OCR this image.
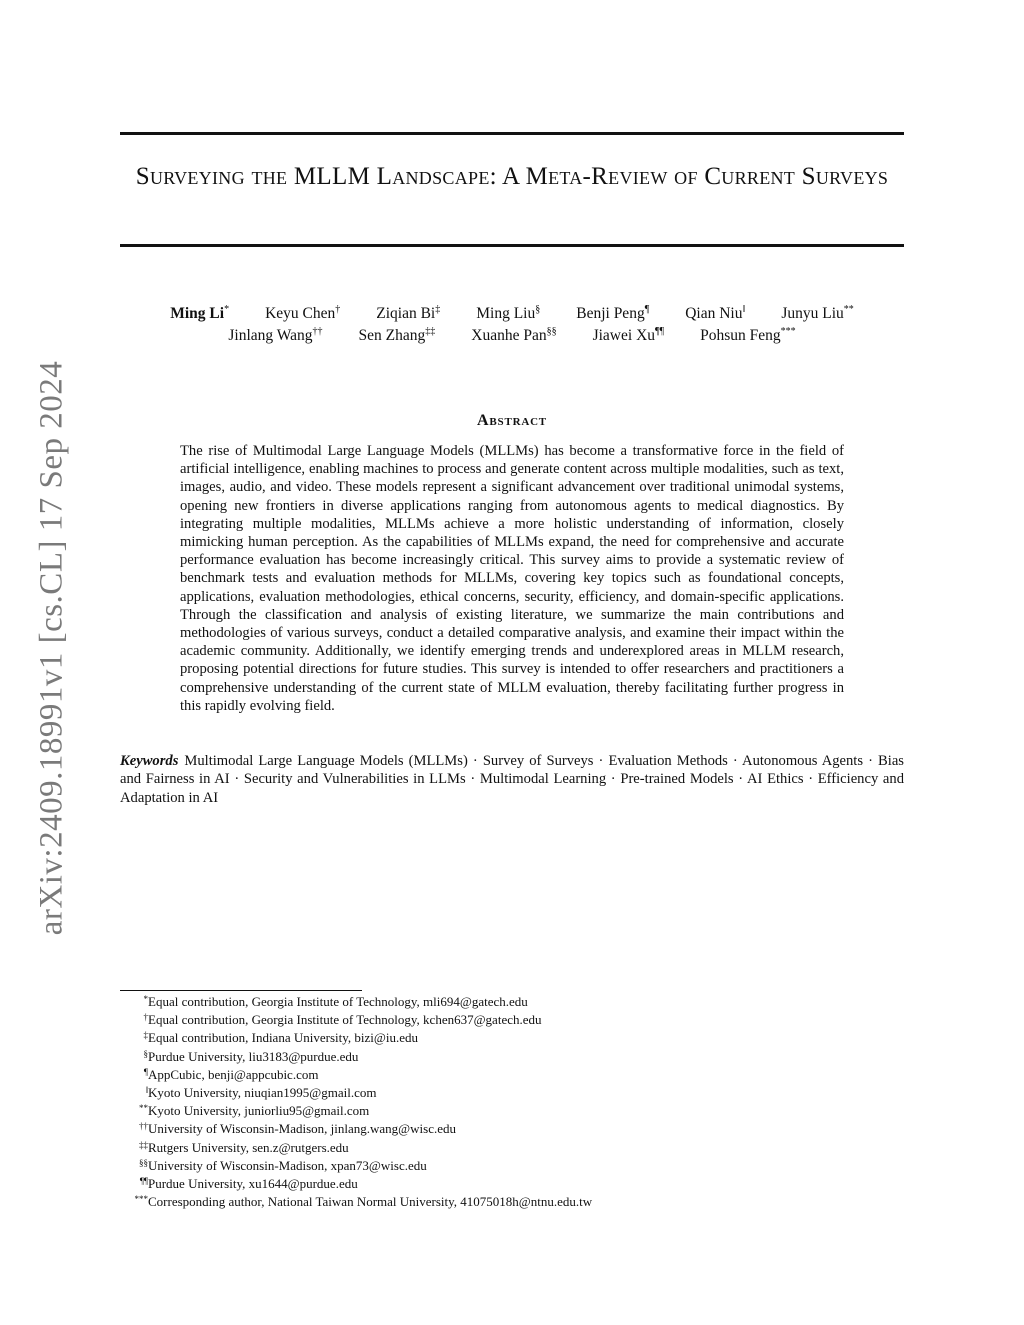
arXiv:2409.18991v1 [cs.CL] 17 Sep 2024
Surveying the MLLM Landscape: A Meta-Review of Current Surveys
Ming Li* Keyu Chen† Ziqian Bi‡ Ming Liu§ Benji Peng¶ Qian Niu‖ Junyu Liu**
Jinlang Wang†† Sen Zhang‡‡ Xuanhe Pan§§ Jiawei Xu¶¶ Pohsun Feng***
Abstract

The rise of Multimodal Large Language Models (MLLMs) has become a transformative force in the field of artificial intelligence, enabling machines to process and generate content across multiple modalities, such as text, images, audio, and video. These models represent a significant advancement over traditional unimodal systems, opening new frontiers in diverse applications ranging from autonomous agents to medical diagnostics. By integrating multiple modalities, MLLMs achieve a more holistic understanding of information, closely mimicking human perception. As the capabilities of MLLMs expand, the need for comprehensive and accurate performance evaluation has become increasingly critical. This survey aims to provide a systematic review of benchmark tests and evaluation methods for MLLMs, covering key topics such as foundational concepts, applications, evaluation methodologies, ethical concerns, security, efficiency, and domain-specific applications. Through the classification and analysis of existing literature, we summarize the main contributions and methodologies of various surveys, conduct a detailed comparative analysis, and examine their impact within the academic community. Additionally, we identify emerging trends and underexplored areas in MLLM research, proposing potential directions for future studies. This survey is intended to offer researchers and practitioners a comprehensive understanding of the current state of MLLM evaluation, thereby facilitating further progress in this rapidly evolving field.

Keywords Multimodal Large Language Models (MLLMs) · Survey of Surveys · Evaluation Methods · Autonomous Agents · Bias and Fairness in AI · Security and Vulnerabilities in LLMs · Multimodal Learning · Pre-trained Models · AI Ethics · Efficiency and Adaptation in AI

* Equal contribution, Georgia Institute of Technology, mli694@gatech.edu
† Equal contribution, Georgia Institute of Technology, kchen637@gatech.edu
‡ Equal contribution, Indiana University, bizi@iu.edu
§ Purdue University, liu3183@purdue.edu
¶ AppCubic, benji@appcubic.com
‖ Kyoto University, niuqian1995@gmail.com
** Kyoto University, juniorliu95@gmail.com
†† University of Wisconsin-Madison, jinlang.wang@wisc.edu
‡‡ Rutgers University, sen.z@rutgers.edu
§§ University of Wisconsin-Madison, xpan73@wisc.edu
¶¶ Purdue University, xu1644@purdue.edu
*** Corresponding author, National Taiwan Normal University, 41075018h@ntnu.edu.tw
